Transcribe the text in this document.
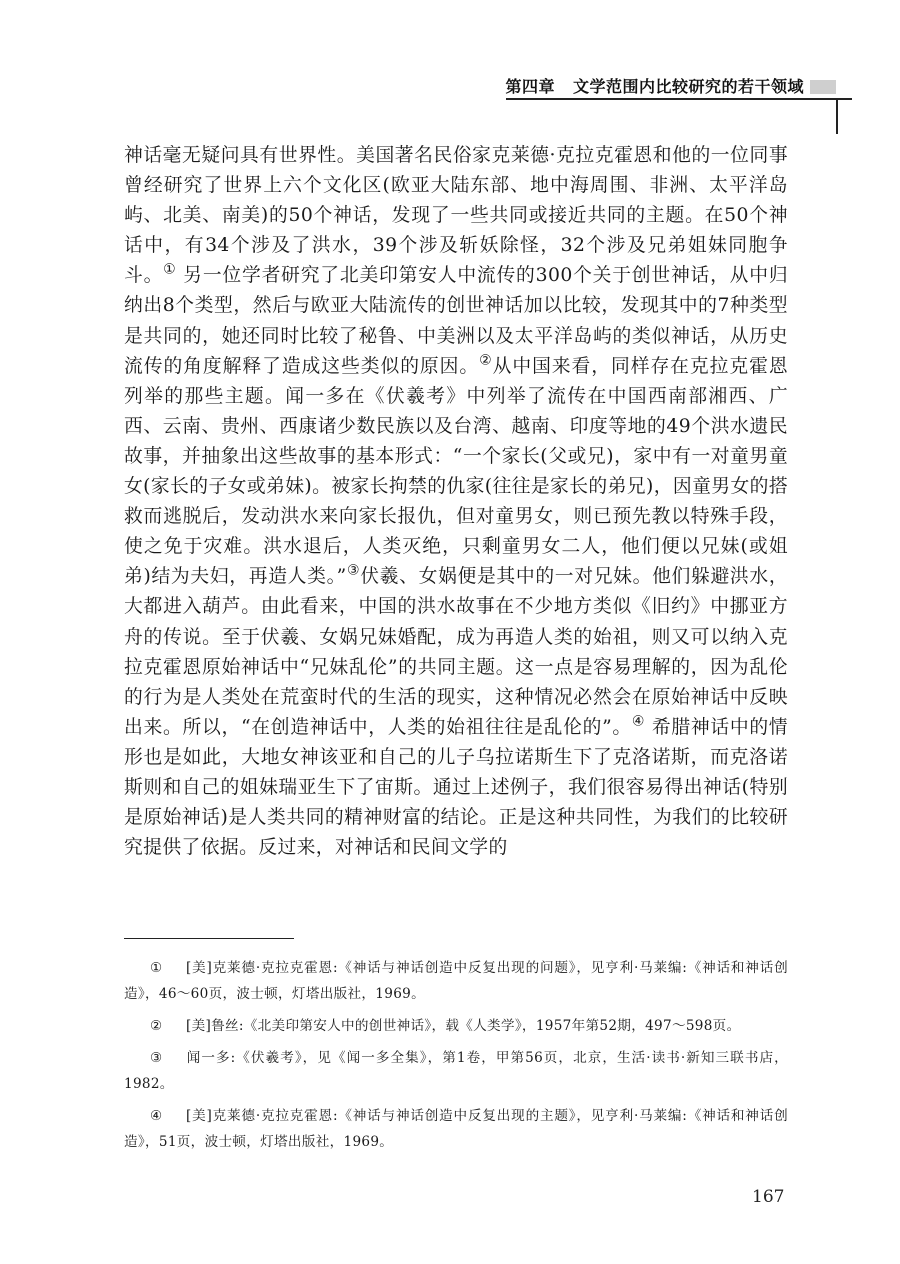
第四章 文学范围内比较研究的若干领域
神话毫无疑问具有世界性。美国著名民俗家克莱德·克拉克霍恩和他的一位同事曾经研究了世界上六个文化区(欧亚大陆东部、地中海周围、非洲、太平洋岛屿、北美、南美)的50个神话，发现了一些共同或接近共同的主题。在50个神话中，有34个涉及了洪水，39个涉及斩妖除怪，32个涉及兄弟姐妹同胞争斗。① 另一位学者研究了北美印第安人中流传的300个关于创世神话，从中归纳出8个类型，然后与欧亚大陆流传的创世神话加以比较，发现其中的7种类型是共同的，她还同时比较了秘鲁、中美洲以及太平洋岛屿的类似神话，从历史流传的角度解释了造成这些类似的原因。②从中国来看，同样存在克拉克霍恩列举的那些主题。闻一多在《伏羲考》中列举了流传在中国西南部湘西、广西、云南、贵州、西康诸少数民族以及台湾、越南、印度等地的49个洪水遗民故事，并抽象出这些故事的基本形式：“一个家长(父或兄)，家中有一对童男童女(家长的子女或弟妹)。被家长拘禁的仇家(往往是家长的弟兄)，因童男女的搭救而逃脱后，发动洪水来向家长报仇，但对童男女，则已预先教以特殊手段，使之免于灾难。洪水退后，人类灭绝，只剩童男女二人，他们便以兄妹(或姐弟)结为夫妇，再造人类。”③伏羲、女娲便是其中的一对兄妹。他们躲避洪水，大都进入葫芦。由此看来，中国的洪水故事在不少地方类似《旧约》中挪亚方舟的传说。至于伏羲、女娲兄妹婚配，成为再造人类的始祖，则又可以纳入克拉克霍恩原始神话中“兄妹乱伦”的共同主题。这一点是容易理解的，因为乱伦的行为是人类处在荒蛮时代的生活的现实，这种情况必然会在原始神话中反映出来。所以，“在创造神话中，人类的始祖往往是乱伦的”。④ 希腊神话中的情形也是如此，大地女神该亚和自己的儿子乌拉诺斯生下了克洛诺斯，而克洛诺斯则和自己的姐妹瑞亚生下了宙斯。通过上述例子，我们很容易得出神话(特别是原始神话)是人类共同的精神财富的结论。正是这种共同性，为我们的比较研究提供了依据。反过来，对神话和民间文学的
① [美]克莱德·克拉克霍恩:《神话与神话创造中反复出现的问题》，见亨利·马莱编:《神话和神话创造》，46～60页，波士顿，灯塔出版社，1969。
② [美]鲁丝:《北美印第安人中的创世神话》，载《人类学》，1957年第52期，497～598页。
③ 闻一多:《伏羲考》，见《闻一多全集》，第1卷，甲第56页，北京，生活·读书·新知三联书店，1982。
④ [美]克莱德·克拉克霍恩:《神话与神话创造中反复出现的主题》，见亨利·马莱编:《神话和神话创造》，51页，波士顿，灯塔出版社，1969。
167
